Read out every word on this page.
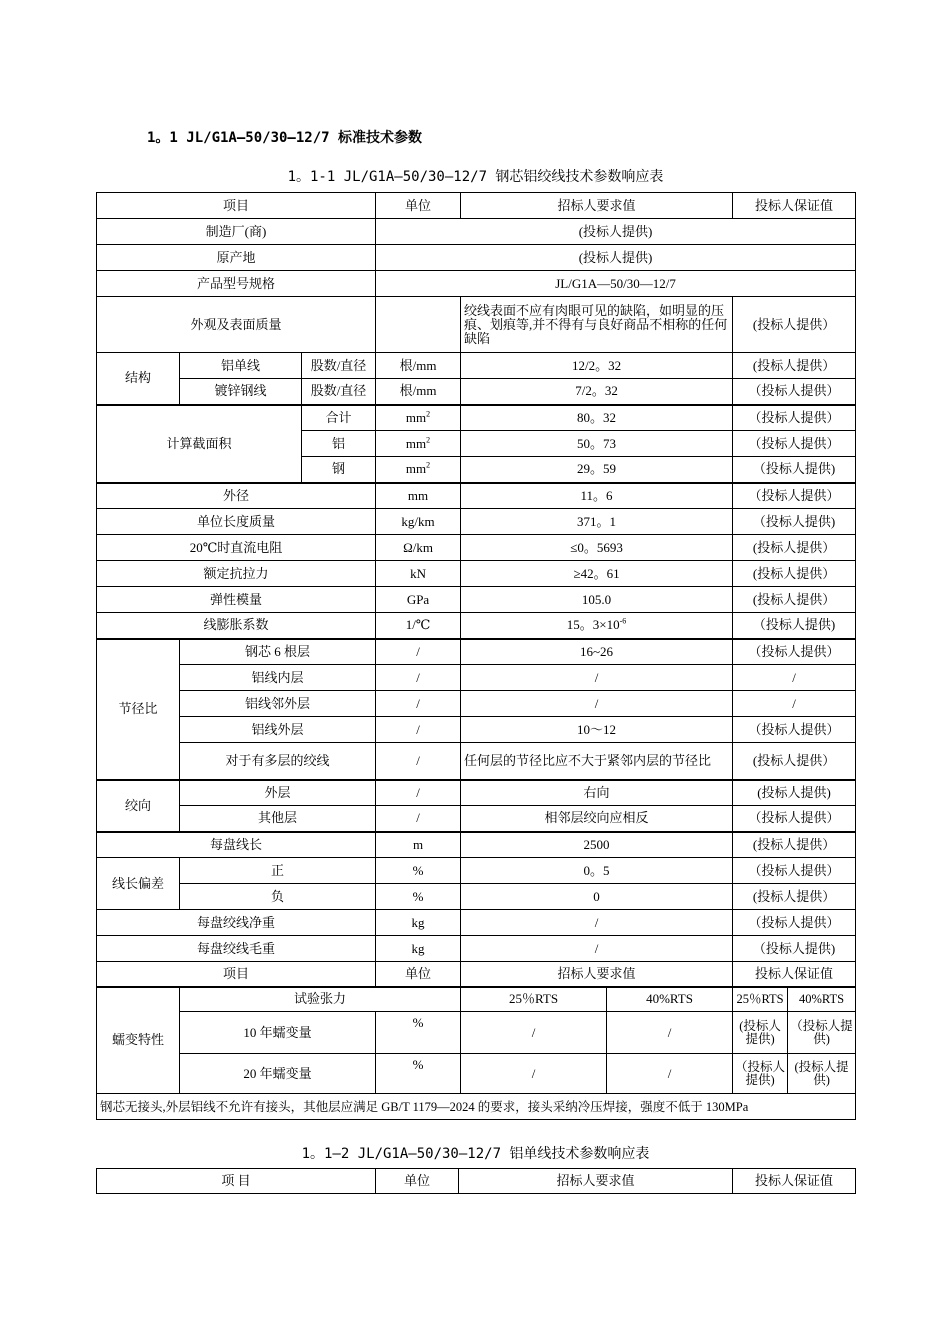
1。1 JL/G1A—50/30—12/7 标准技术参数
1。1-1 JL/G1A—50/30—12/7 钢芯铝绞线技术参数响应表
项目			单位	招标人要求值		投标人保证值	
制造厂(商)			(投标人提供)				
原产地			(投标人提供)				
产品型号规格			JL/G1A—50/30—12/7				
外观及表面质量				绞线表面不应有肉眼可见的缺陷，如明显的压痕、划痕等,并不得有与良好商品不相称的任何缺陷		(投标人提供）	
结构	铝单线	股数/直径	根/mm	12/2。32		(投标人提供）	
	镀锌钢线	股数/直径	根/mm	7/2。32		（投标人提供）	
计算截面积		合计	$mm^2$	80。32		（投标人提供）	
		铝	$mm^2$	50。73		（投标人提供）	
		钢	$mm^2$	29。59		（投标人提供)	
外径			mm	11。6		（投标人提供）	
单位长度质量			kg/km	371。1		（投标人提供)	
20℃时直流电阻			Ω/km	≤0。5693		(投标人提供）	
额定抗拉力			kN	≥42。61		(投标人提供）	
弹性模量			GPa	105.0		(投标人提供）	
线膨胀系数			1/℃	15。$3\times 10^{-6}$		（投标人提供)	
节径比	钢芯 6 根层		/	16~26		（投标人提供）	
	铝线内层		/	/		/	
	铝线邻外层		/	/		/	
	铝线外层		/	10～12		（投标人提供）	
	对于有多层的绞线		/	任何层的节径比应不大于紧邻内层的节径比		(投标人提供）	
绞向	外层		/	右向		(投标人提供)	
	其他层		/	相邻层绞向应相反		（投标人提供）	
每盘线长			m	2500		(投标人提供）	
线长偏差	正		%	0。5		（投标人提供）	
	负		%	0		(投标人提供）	
每盘绞线净重			kg	/		（投标人提供）	
每盘绞线毛重			kg	/		（投标人提供)	
项目			单位	招标人要求值		投标人保证值	
蠕变特性	试验张力			25％RTS	40%RTS	25％RTS	40%RTS
	10 年蠕变量		%	/	/	(投标人提供)	（投标人提供)
	20 年蠕变量		%	/	/	（投标人提供)	(投标人提供)
钢芯无接头,外层铝线不允许有接头，其他层应满足 GB/T 1179—2024 的要求，接头采纳冷压焊接，强度不低于 130MPa							
1。1—2 JL/G1A—50/30—12/7 铝单线技术参数响应表
项 目	单位	招标人要求值	投标人保证值
